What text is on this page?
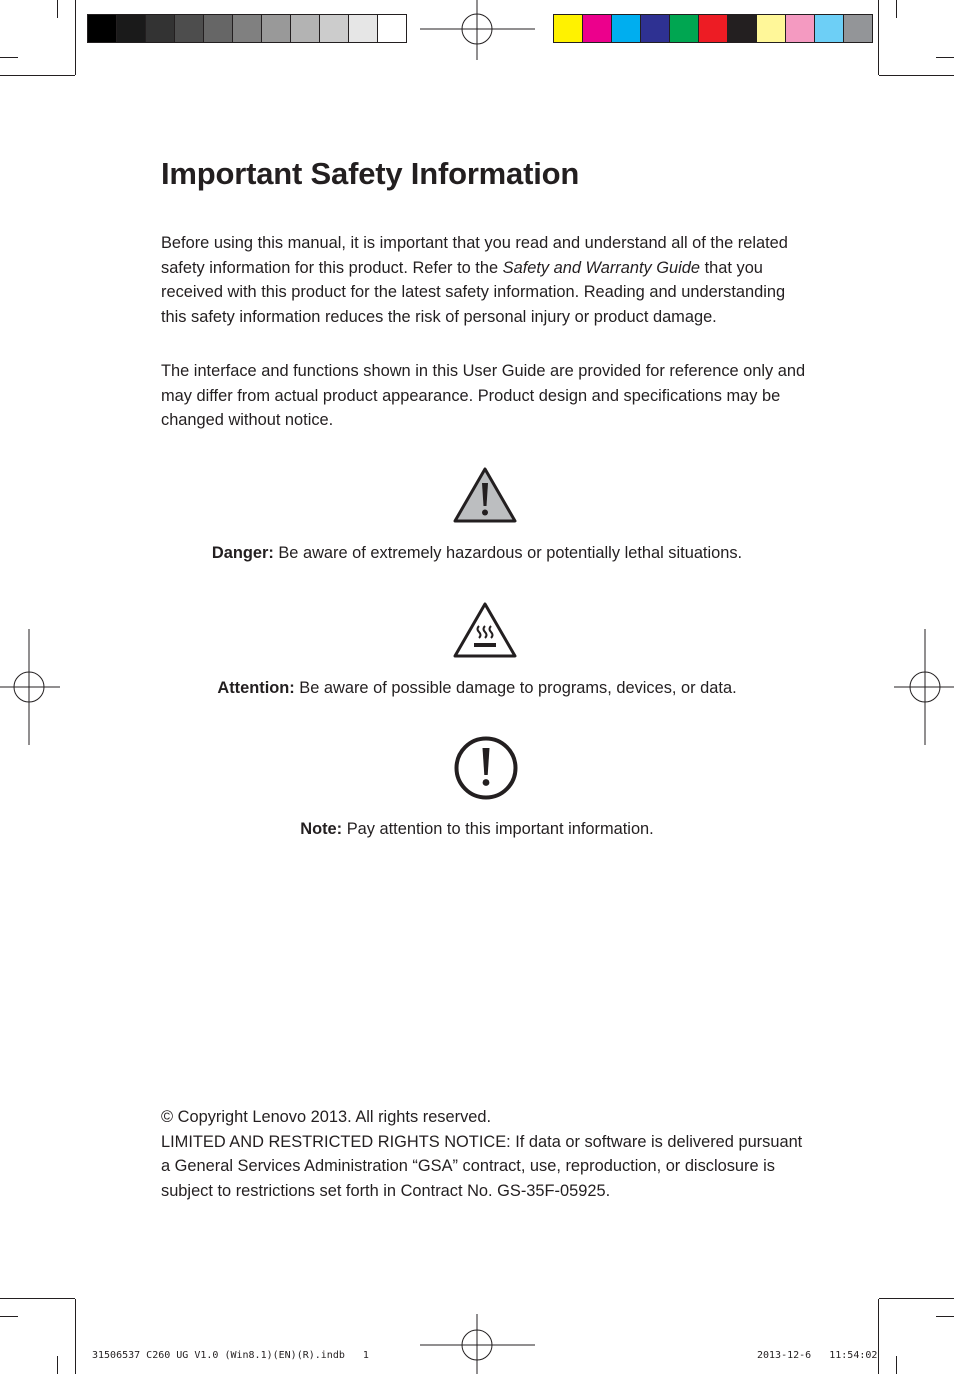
Important Safety Information

Before using this manual, it is important that you read and understand all of the related safety information for this product. Refer to the Safety and Warranty Guide that you received with this product for the latest safety information. Reading and understanding this safety information reduces the risk of personal injury or product damage.

The interface and functions shown in this User Guide are provided for reference only and may differ from actual product appearance. Product design and specifications may be changed without notice.

Danger: Be aware of extremely hazardous or potentially lethal situations.
Attention: Be aware of possible damage to programs, devices, or data.
Note: Pay attention to this important information.

© Copyright Lenovo 2013. All rights reserved.
LIMITED AND RESTRICTED RIGHTS NOTICE: If data or software is delivered pursuant a General Services Administration “GSA” contract, use, reproduction, or disclosure is subject to restrictions set forth in Contract No. GS-35F-05925.

31506537 C260 UG V1.0 (Win8.1)(EN)(R).indb   1	2013-12-6   11:54:02
